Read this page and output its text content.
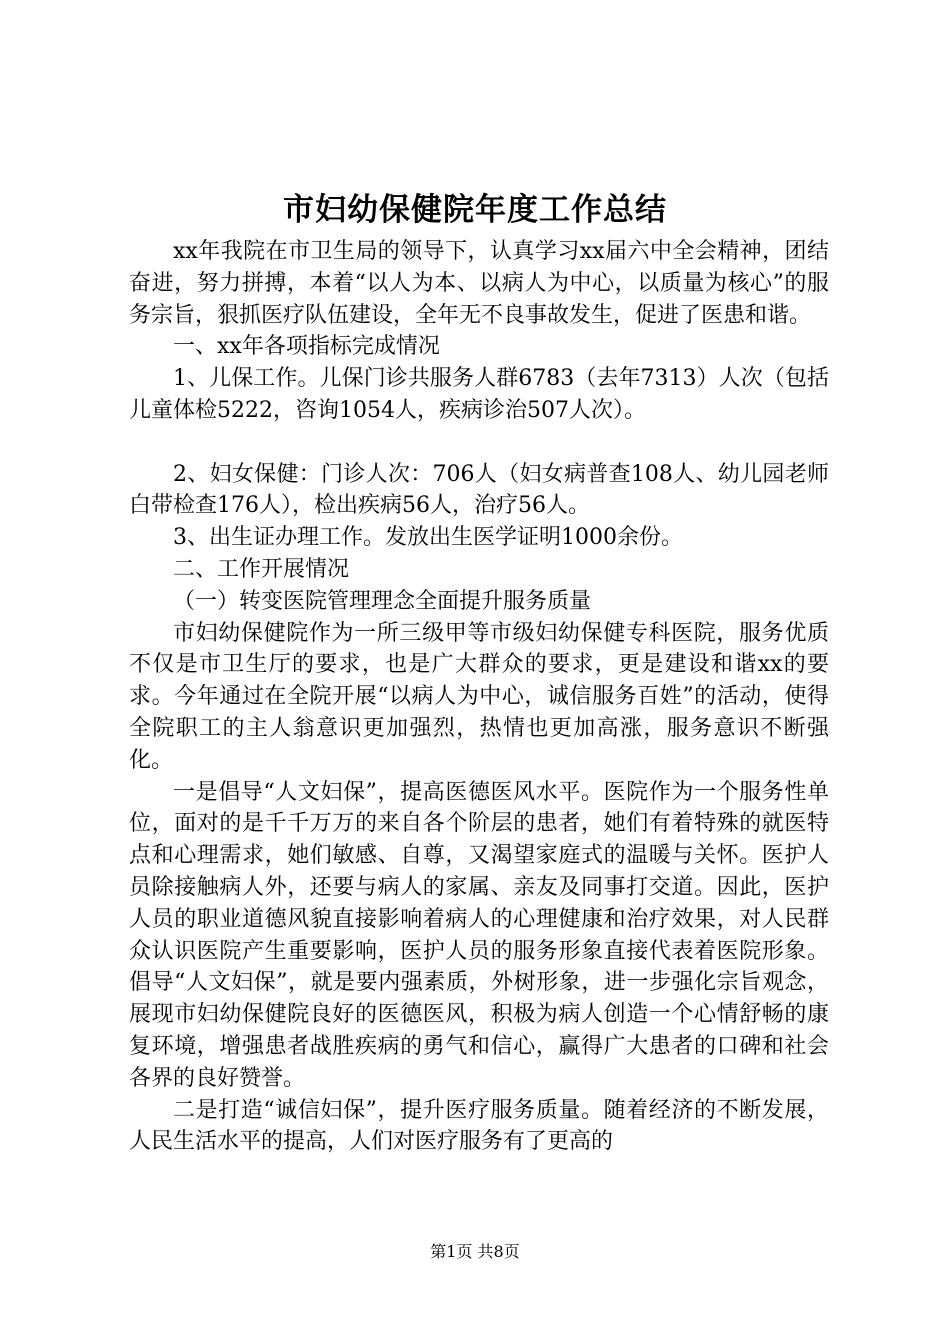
市妇幼保健院年度工作总结

xx年我院在市卫生局的领导下，认真学习xx届六中全会精神，团结奋进，努力拼搏，本着“以人为本、以病人为中心，以质量为核心”的服务宗旨，狠抓医疗队伍建设，全年无不良事故发生，促进了医患和谐。

一、xx年各项指标完成情况

1、儿保工作。儿保门诊共服务人群6783（去年7313）人次（包括儿童体检5222，咨询1054人，疾病诊治507人次）。

2、妇女保健：门诊人次：706人（妇女病普查108人、幼儿园老师白带检查176人），检出疾病56人，治疗56人。

3、出生证办理工作。发放出生医学证明1000余份。

二、工作开展情况

（一）转变医院管理理念全面提升服务质量

市妇幼保健院作为一所三级甲等市级妇幼保健专科医院，服务优质不仅是市卫生厅的要求，也是广大群众的要求，更是建设和谐xx的要求。今年通过在全院开展“以病人为中心，诚信服务百姓”的活动，使得全院职工的主人翁意识更加强烈，热情也更加高涨，服务意识不断强化。

一是倡导“人文妇保”，提高医德医风水平。医院作为一个服务性单位，面对的是千千万万的来自各个阶层的患者，她们有着特殊的就医特点和心理需求，她们敏感、自尊，又渴望家庭式的温暖与关怀。医护人员除接触病人外，还要与病人的家属、亲友及同事打交道。因此，医护人员的职业道德风貌直接影响着病人的心理健康和治疗效果，对人民群众认识医院产生重要影响，医护人员的服务形象直接代表着医院形象。倡导“人文妇保”，就是要内强素质，外树形象，进一步强化宗旨观念，展现市妇幼保健院良好的医德医风，积极为病人创造一个心情舒畅的康复环境，增强患者战胜疾病的勇气和信心，赢得广大患者的口碑和社会各界的良好赞誉。

二是打造“诚信妇保”，提升医疗服务质量。随着经济的不断发展，人民生活水平的提高，人们对医疗服务有了更高的

第1页 共8页
